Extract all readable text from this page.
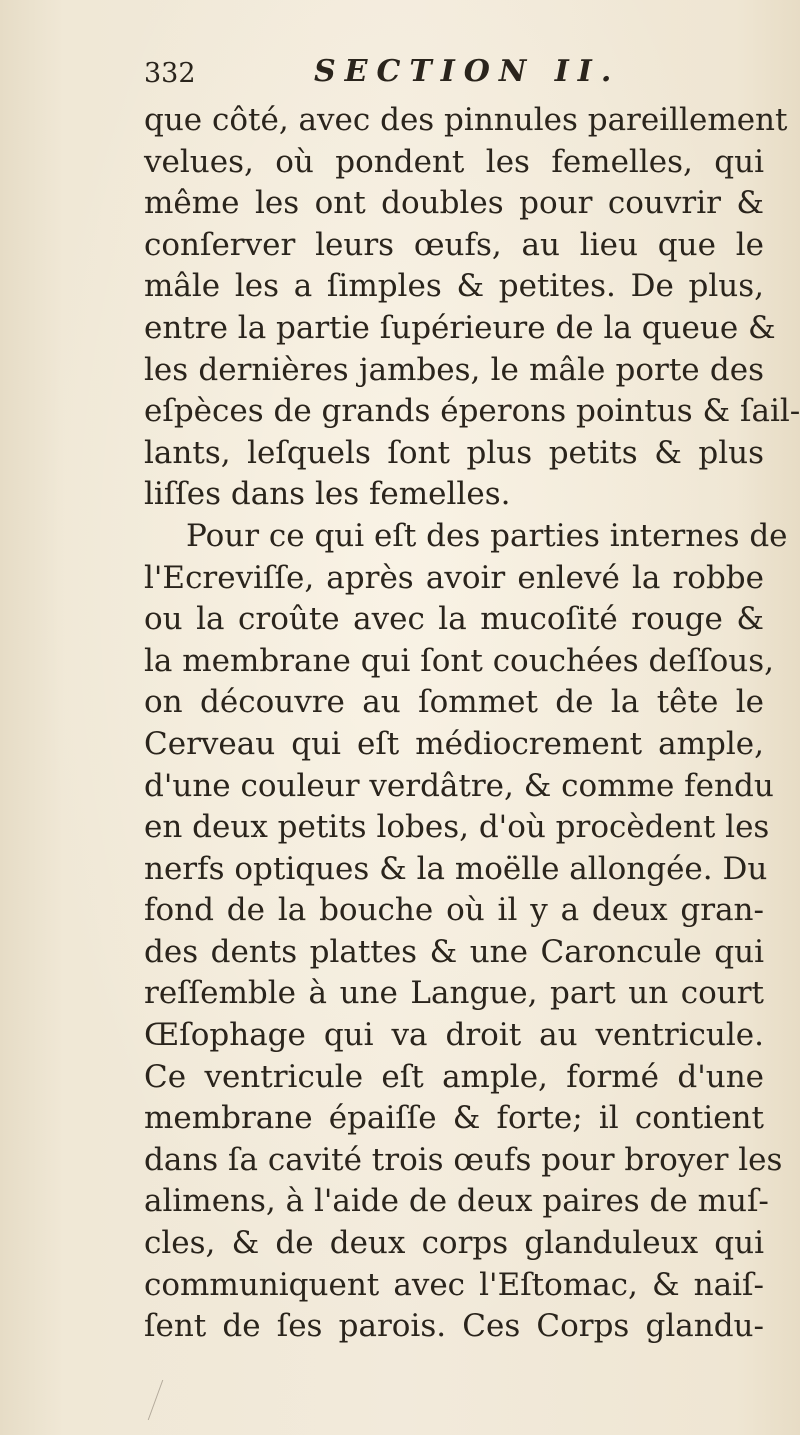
332	SECTION II.
que côté, avec des pinnules pareillement
velues, où pondent les femelles, qui
même les ont doubles pour couvrir &
conſerver leurs œufs, au lieu que le
mâle les a ſimples & petites. De plus,
entre la partie ſupérieure de la queue &
les dernières jambes, le mâle porte des
eſpèces de grands éperons pointus & ſail-
lants, leſquels ſont plus petits & plus
liſſes dans les femelles.
Pour ce qui eſt des parties internes de
l'Ecreviſſe, après avoir enlevé la robbe
ou la croûte avec la mucoſité rouge &
la membrane qui ſont couchées deſſous,
on découvre au ſommet de la tête le
Cerveau qui eſt médiocrement ample,
d'une couleur verdâtre, & comme fendu
en deux petits lobes, d'où procèdent les
nerfs optiques & la moëlle allongée. Du
fond de la bouche où il y a deux gran-
des dents plattes & une Caroncule qui
reſſemble à une Langue, part un court
Œſophage qui va droit au ventricule.
Ce ventricule eſt ample, formé d'une
membrane épaiſſe & forte; il contient
dans ſa cavité trois œufs pour broyer les
alimens, à l'aide de deux paires de muſ-
cles, & de deux corps glanduleux qui
communiquent avec l'Eſtomac, & naiſ-
ſent de ſes parois. Ces Corps glandu-
